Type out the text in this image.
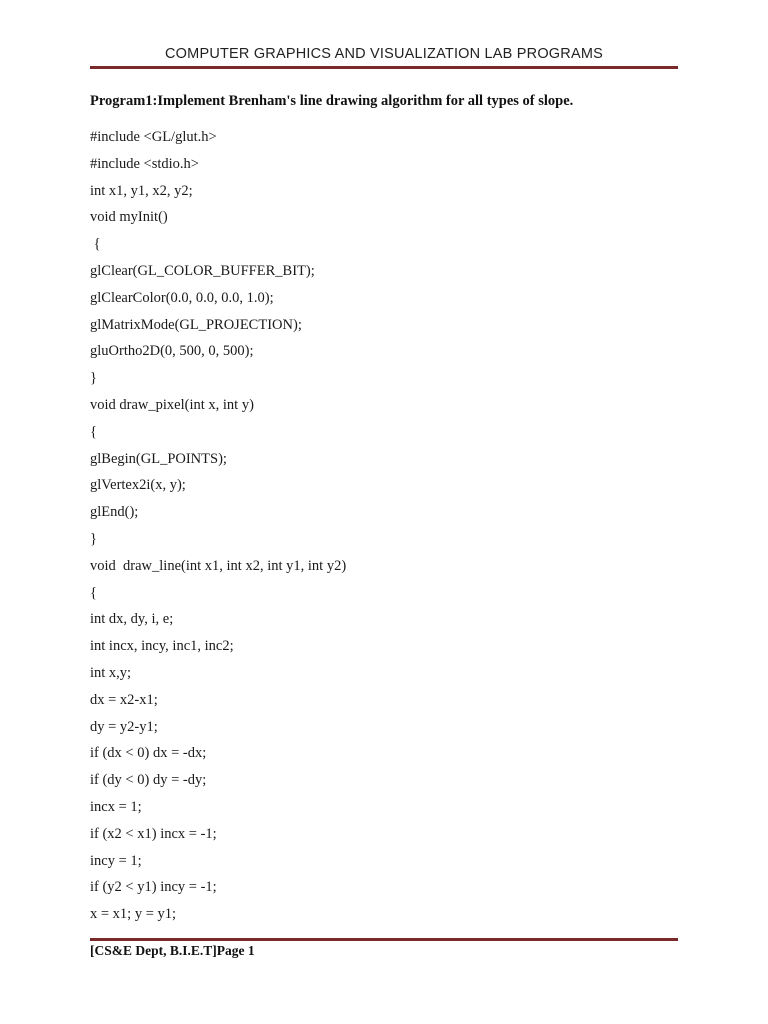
COMPUTER GRAPHICS AND VISUALIZATION LAB PROGRAMS
Program1:Implement Brenham's line drawing algorithm for all types of slope.
#include <GL/glut.h>
#include <stdio.h>
int x1, y1, x2, y2;
void myInit()
{
glClear(GL_COLOR_BUFFER_BIT);
glClearColor(0.0, 0.0, 0.0, 1.0);
glMatrixMode(GL_PROJECTION);
gluOrtho2D(0, 500, 0, 500);
}
void draw_pixel(int x, int y)
{
glBegin(GL_POINTS);
glVertex2i(x, y);
glEnd();
}
void  draw_line(int x1, int x2, int y1, int y2)
{
int dx, dy, i, e;
int incx, incy, inc1, inc2;
int x,y;
dx = x2-x1;
dy = y2-y1;
if (dx < 0) dx = -dx;
if (dy < 0) dy = -dy;
incx = 1;
if (x2 < x1) incx = -1;
incy = 1;
if (y2 < y1) incy = -1;
x = x1; y = y1;
[CS&E Dept, B.I.E.T]Page 1
